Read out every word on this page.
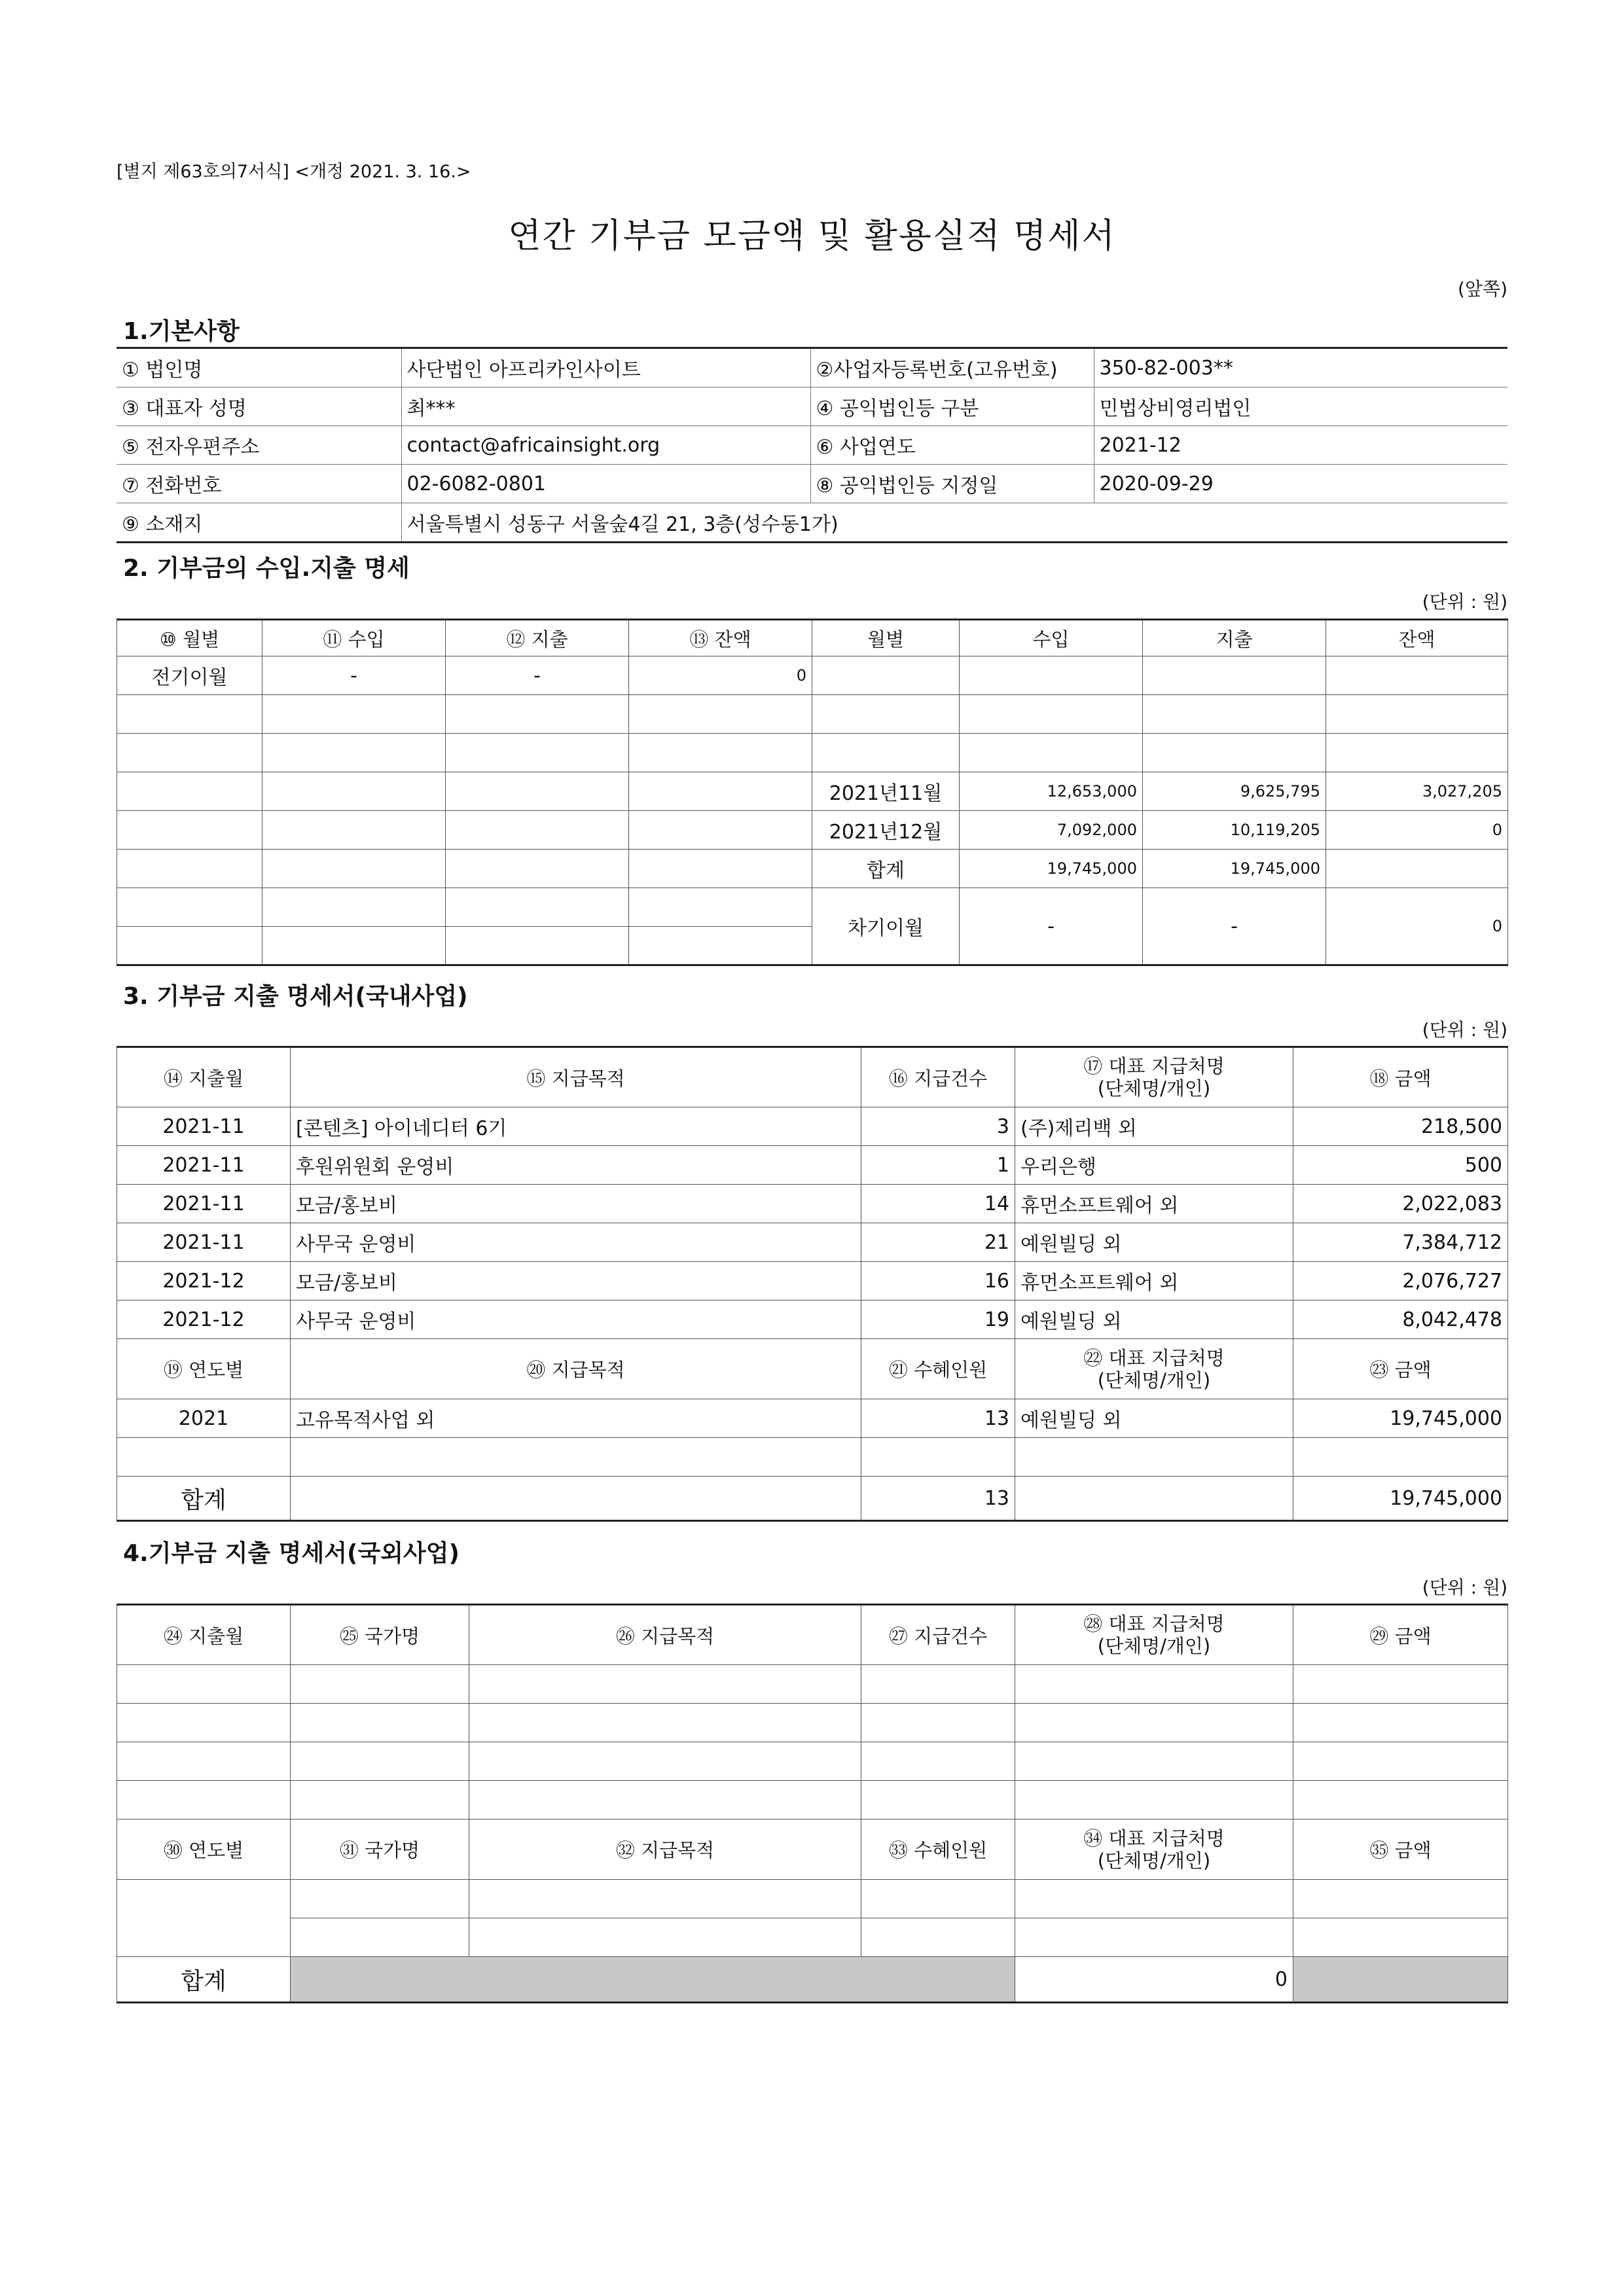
[별지 제63호의7서식] <개정 2021. 3. 16.>
연간 기부금 모금액 및 활용실적 명세서
(앞쪽)
1.기본사항
① 법인명	사단법인 아프리카인사이트	②사업자등록번호(고유번호)	350-82-003**
③ 대표자 성명	최***	④ 공익법인등 구분	민법상비영리법인
⑤ 전자우편주소	contact@africainsight.org	⑥ 사업연도	2021-12
⑦ 전화번호	02-6082-0801	⑧ 공익법인등 지정일	2020-09-29
⑨ 소재지	서울특별시 성동구 서울숲4길 21, 3층(성수동1가)		
2. 기부금의 수입.지출 명세
(단위 : 원)
⑩ 월별	⑪ 수입	⑫ 지출	⑬ 잔액	월별	수입	지출	잔액
전기이월	-	-	0				

				2021년11월	12,653,000	9,625,795	3,027,205
				2021년12월	7,092,000	10,119,205	0
				합계	19,745,000	19,745,000	
				차기이월	-	-	0

3. 기부금 지출 명세서(국내사업)
(단위 : 원)
⑭ 지출월	⑮ 지급목적	⑯ 지급건수	⑰ 대표 지급처명
(단체명/개인)	⑱ 금액
2021-11	[콘텐츠] 아이네디터 6기	3	(주)제리백 외	218,500
2021-11	후원위원회 운영비	1	우리은행	500
2021-11	모금/홍보비	14	휴먼소프트웨어 외	2,022,083
2021-11	사무국 운영비	21	예원빌딩 외	7,384,712
2021-12	모금/홍보비	16	휴먼소프트웨어 외	2,076,727
2021-12	사무국 운영비	19	예원빌딩 외	8,042,478
⑲ 연도별	⑳ 지급목적	㉑ 수혜인원	㉒ 대표 지급처명
(단체명/개인)	㉓ 금액
2021	고유목적사업 외	13	예원빌딩 외	19,745,000

합계		13		19,745,000
4.기부금 지출 명세서(국외사업)
(단위 : 원)
㉔ 지출월	㉕ 국가명	㉖ 지급목적	㉗ 지급건수	㉘ 대표 지급처명
(단체명/개인)	㉙ 금액	

㉚ 연도별	㉛ 국가명	㉜ 지급목적	㉝ 수혜인원	㉞ 대표 지급처명
(단체명/개인)	㉟ 금액	

합계				0		
